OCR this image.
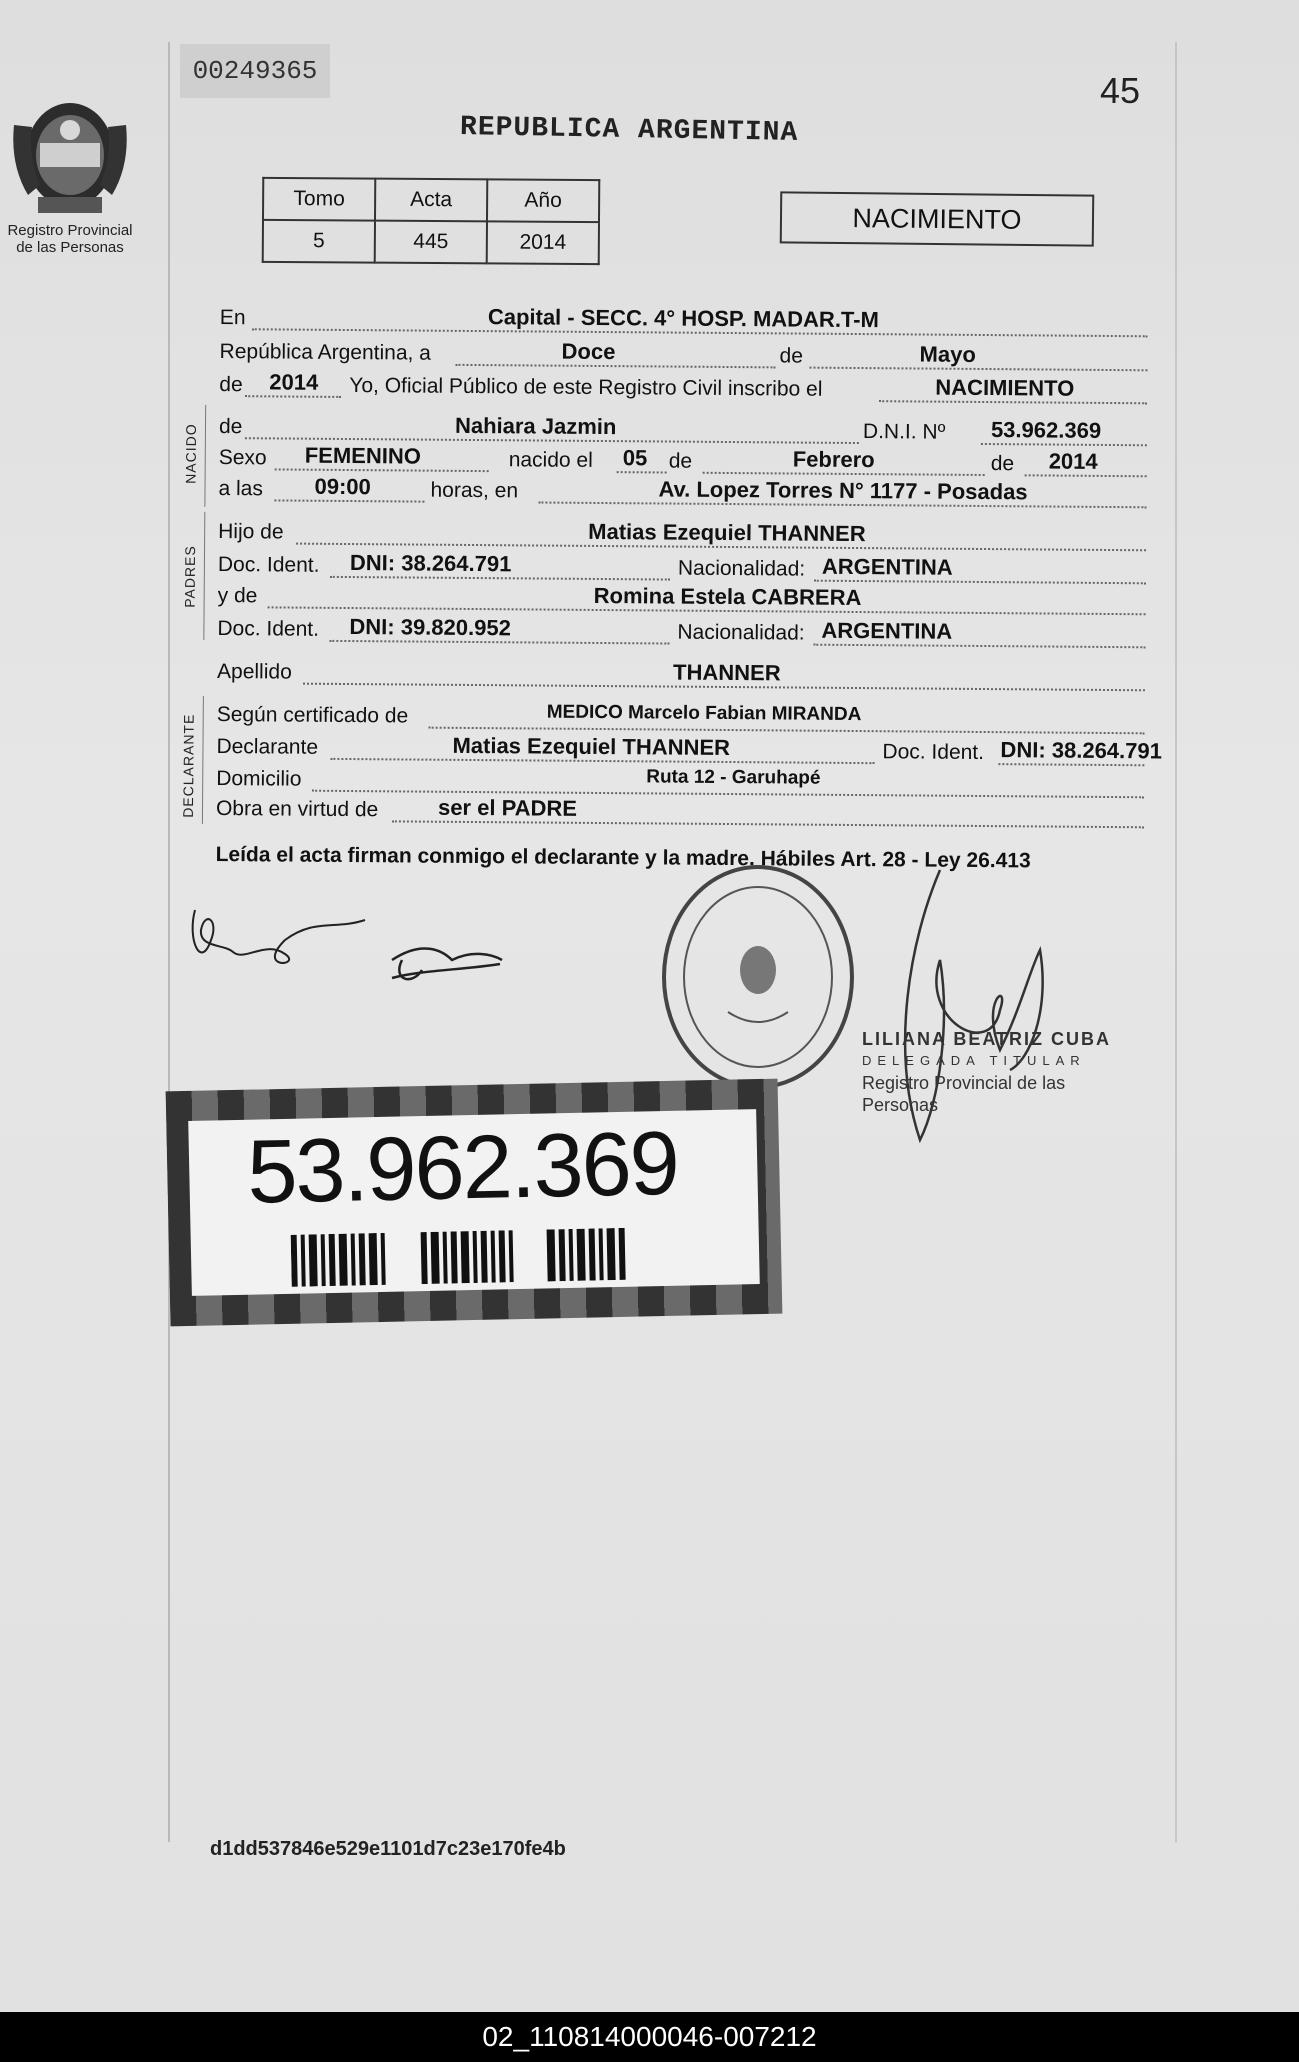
00249365	45
Registro Provincial de las Personas
REPUBLICA ARGENTINA
Tomo	Acta	Año
5	445	2014
NACIMIENTO
En	Capital - SECC. 4° HOSP. MADAR.T-M
República Argentina, a	Doce	de	Mayo
de 2014 Yo, Oficial Público de este Registro Civil inscribo el	NACIMIENTO
NACIDO de	Nahiara Jazmin	D.N.I. Nº 53.962.369
Sexo FEMENINO	nacido el 05 de	Febrero	de 2014
a las 09:00	horas, en	Av. Lopez Torres N° 1177 - Posadas
PADRES
Hijo de	Matias Ezequiel THANNER
Doc. Ident. DNI: 38.264.791	Nacionalidad: ARGENTINA
y de	Romina Estela CABRERA
Doc. Ident. DNI: 39.820.952	Nacionalidad: ARGENTINA
Apellido	THANNER
DECLARANTE Según certificado de	MEDICO Marcelo Fabian MIRANDA
Declarante	Matias Ezequiel THANNER	Doc. Ident. DNI: 38.264.791
Domicilio	Ruta 12 - Garuhapé
Obra en virtud de	ser el PADRE
Leída el acta firman conmigo el declarante y la madre. Hábiles Art. 28 - Ley 26.413
LILIANA BEATRIZ CUBA
DELEGADA TITULAR
Registro Provincial de las Personas
53.962.369
d1dd537846e529e1101d7c23e170fe4b
02_110814000046-007212
